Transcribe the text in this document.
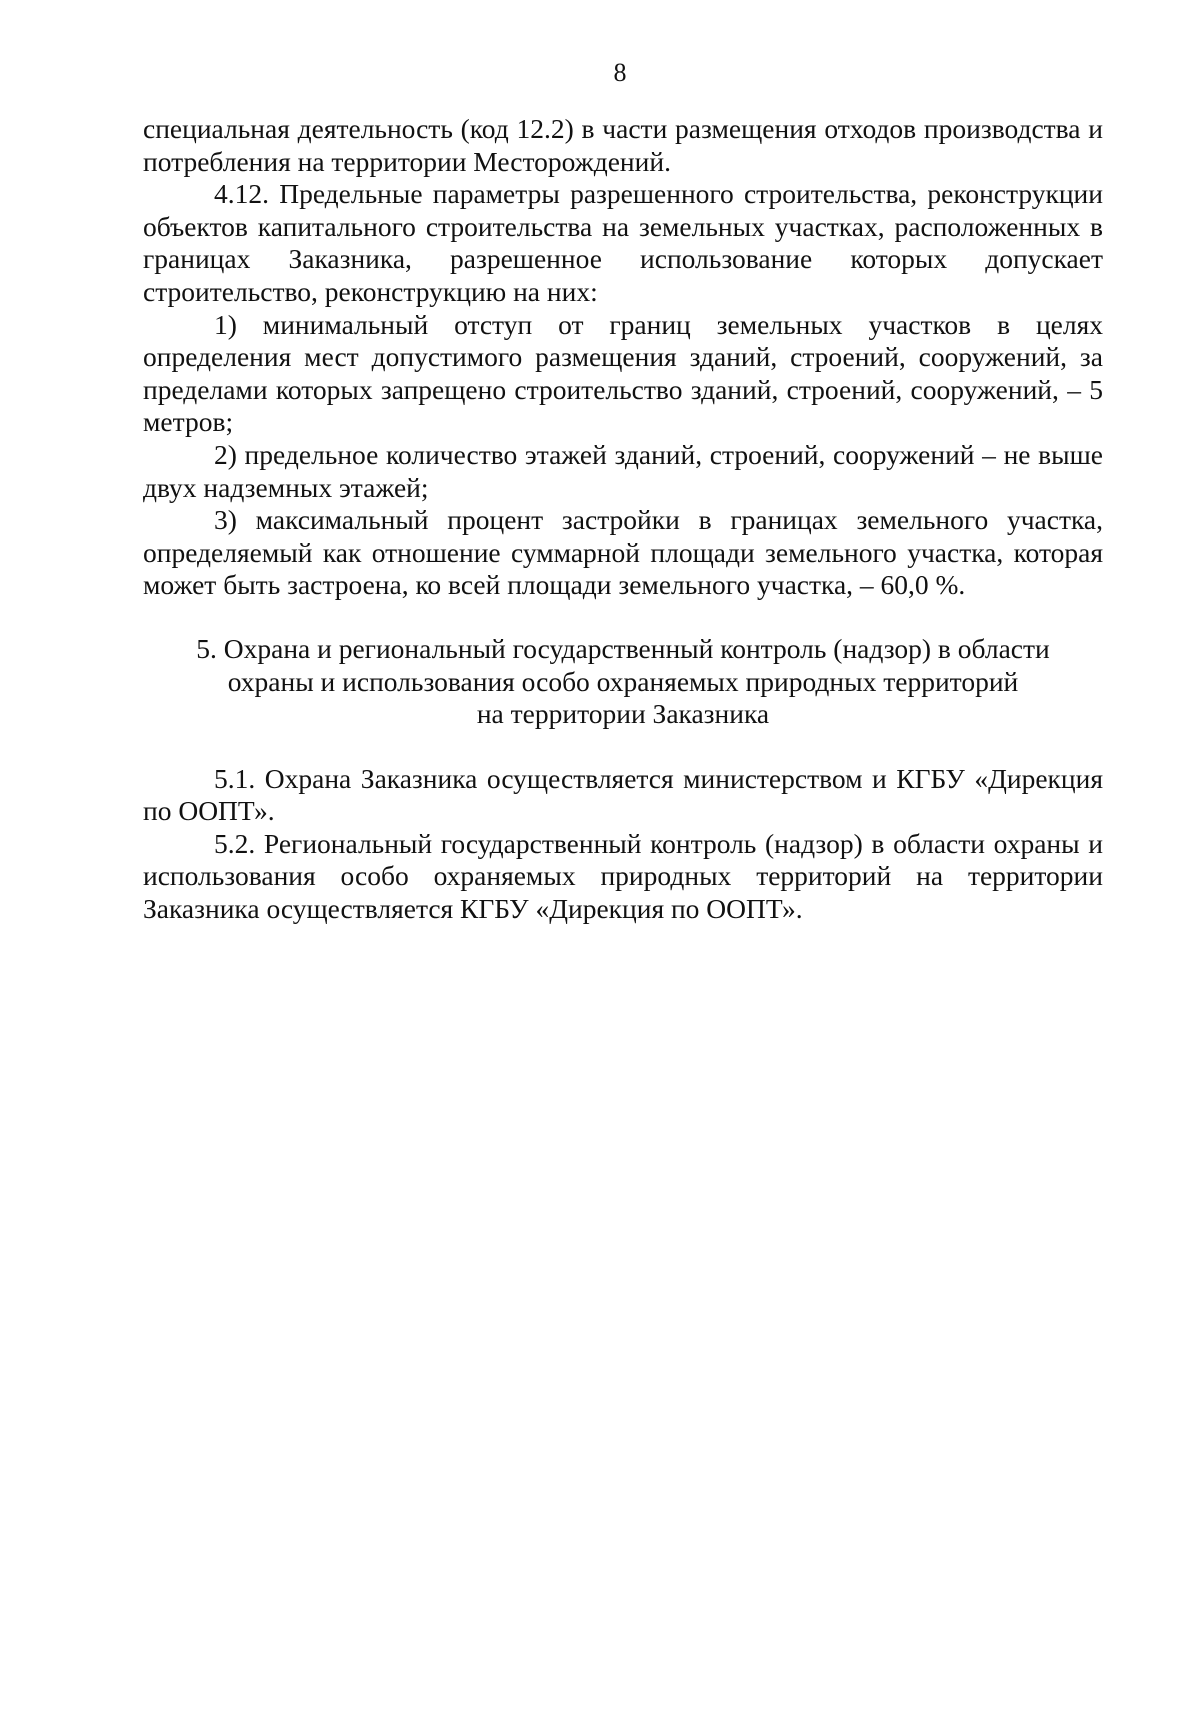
8

специальная деятельность (код 12.2) в части размещения отходов производства и потребления на территории Месторождений.

4.12. Предельные параметры разрешенного строительства, реконструкции объектов капитального строительства на земельных участках, расположенных в границах Заказника, разрешенное использование которых допускает строительство, реконструкцию на них:

1) минимальный отступ от границ земельных участков в целях определения мест допустимого размещения зданий, строений, сооружений, за пределами которых запрещено строительство зданий, строений, сооружений, – 5 метров;

2) предельное количество этажей зданий, строений, сооружений – не выше двух надземных этажей;

3) максимальный процент застройки в границах земельного участка, определяемый как отношение суммарной площади земельного участка, которая может быть застроена, ко всей площади земельного участка, – 60,0 %.

5. Охрана и региональный государственный контроль (надзор) в области
охраны и использования особо охраняемых природных территорий
на территории Заказника

5.1. Охрана Заказника осуществляется министерством и КГБУ «Дирекция по ООПТ».

5.2. Региональный государственный контроль (надзор) в области охраны и использования особо охраняемых природных территорий на территории Заказника осуществляется КГБУ «Дирекция по ООПТ».
